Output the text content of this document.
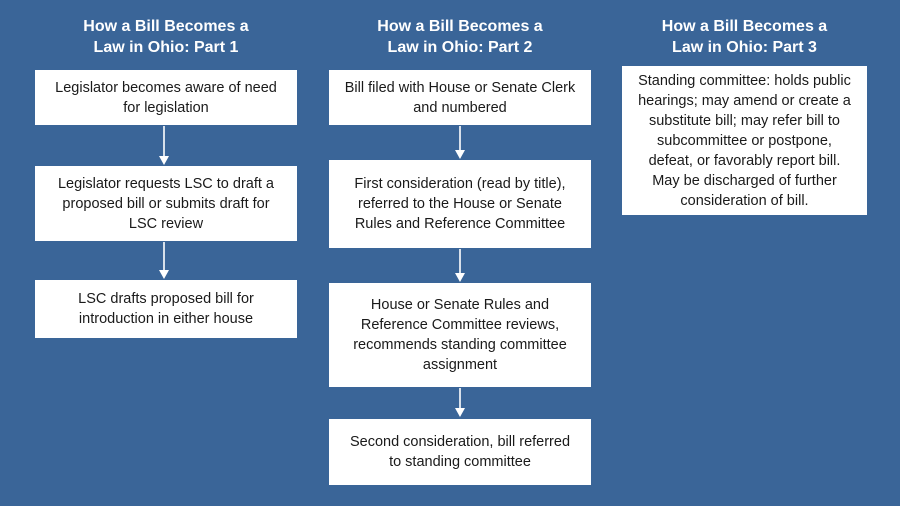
How a Bill Becomes a
Law in Ohio: Part 1
Legislator becomes aware of need
for legislation
Legislator requests LSC to draft a
proposed bill or submits draft for
LSC review
LSC drafts proposed bill for
introduction in either house
How a Bill Becomes a
Law in Ohio: Part 2
Bill filed with House or Senate Clerk
and numbered
First consideration (read by title),
referred to the House or Senate
Rules and Reference Committee
House or Senate Rules and
Reference Committee reviews,
recommends standing committee
assignment
Second consideration, bill referred
to standing committee
How a Bill Becomes a
Law in Ohio: Part 3
Standing committee: holds public
hearings; may amend or create a
substitute bill; may refer bill to
subcommittee or postpone,
defeat, or favorably report bill.
May be discharged of further
consideration of bill.
